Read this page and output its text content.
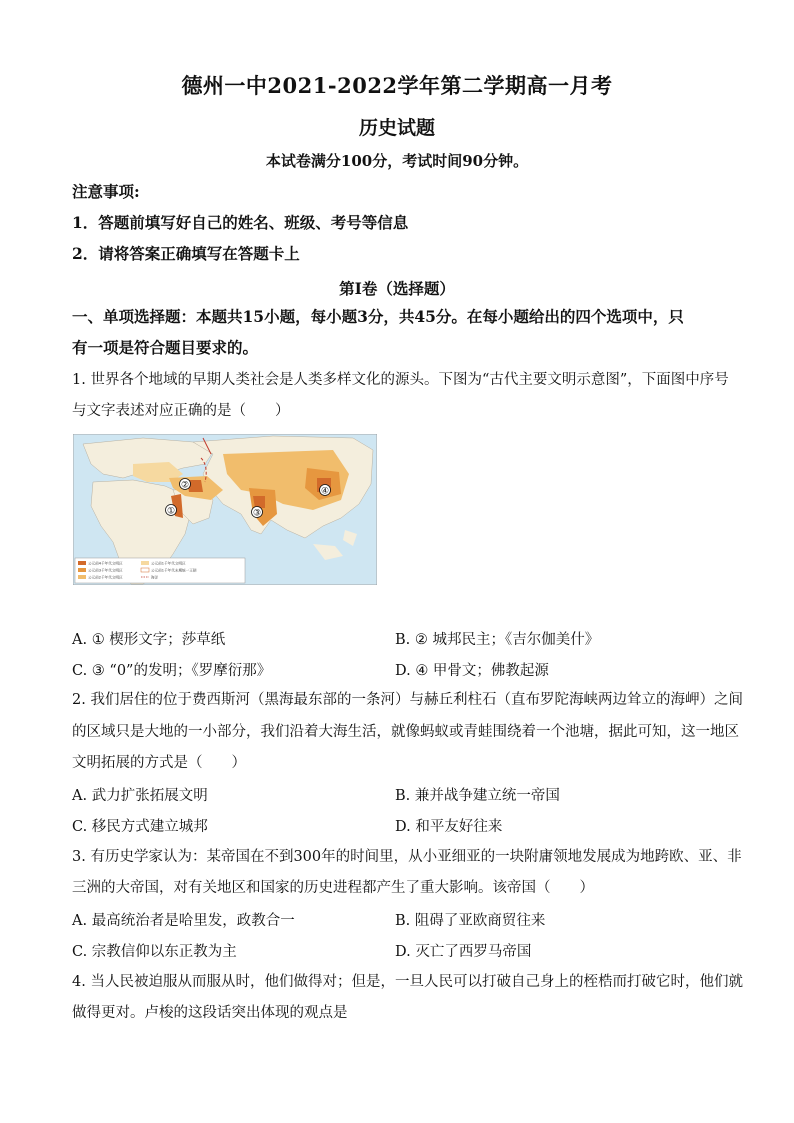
德州一中2021-2022学年第二学期高一月考
历史试题
本试卷满分100分，考试时间90分钟。
注意事项:
1．答题前填写好自己的姓名、班级、考号等信息
2．请将答案正确填写在答题卡上
第Ⅰ卷（选择题）
一、单项选择题：本题共15小题，每小题3分，共45分。在每小题给出的四个选项中，只
有一项是符合题目要求的。
1. 世界各个地域的早期人类社会是人类多样文化的源头。下图为“古代主要文明示意图”，下面图中序号
与文字表述对应正确的是（　　）
①
②
③
④
公元前4千年代文明区
公元前3千年代文明区
公元前2千年代文明区
公元前1千年代文明区
公元前1千年代末期统一王朝
海洋
A. ① 楔形文字；莎草纸	B. ② 城邦民主；《吉尔伽美什》
C. ③ “0”的发明；《罗摩衍那》	D. ④ 甲骨文；佛教起源
2. 我们居住的位于费西斯河（黑海最东部的一条河）与赫丘利柱石（直布罗陀海峡两边耸立的海岬）之间
的区域只是大地的一小部分，我们沿着大海生活，就像蚂蚁或青蛙围绕着一个池塘，据此可知，这一地区
文明拓展的方式是（　　）
A. 武力扩张拓展文明	B. 兼并战争建立统一帝国
C. 移民方式建立城邦	D. 和平友好往来
3. 有历史学家认为：某帝国在不到300年的时间里，从小亚细亚的一块附庸领地发展成为地跨欧、亚、非
三洲的大帝国，对有关地区和国家的历史进程都产生了重大影响。该帝国（　　）
A. 最高统治者是哈里发，政教合一	B. 阻碍了亚欧商贸往来
C. 宗教信仰以东正教为主	D. 灭亡了西罗马帝国
4. 当人民被迫服从而服从时，他们做得对；但是，一旦人民可以打破自己身上的桎梏而打破它时，他们就
做得更对。卢梭的这段话突出体现的观点是
